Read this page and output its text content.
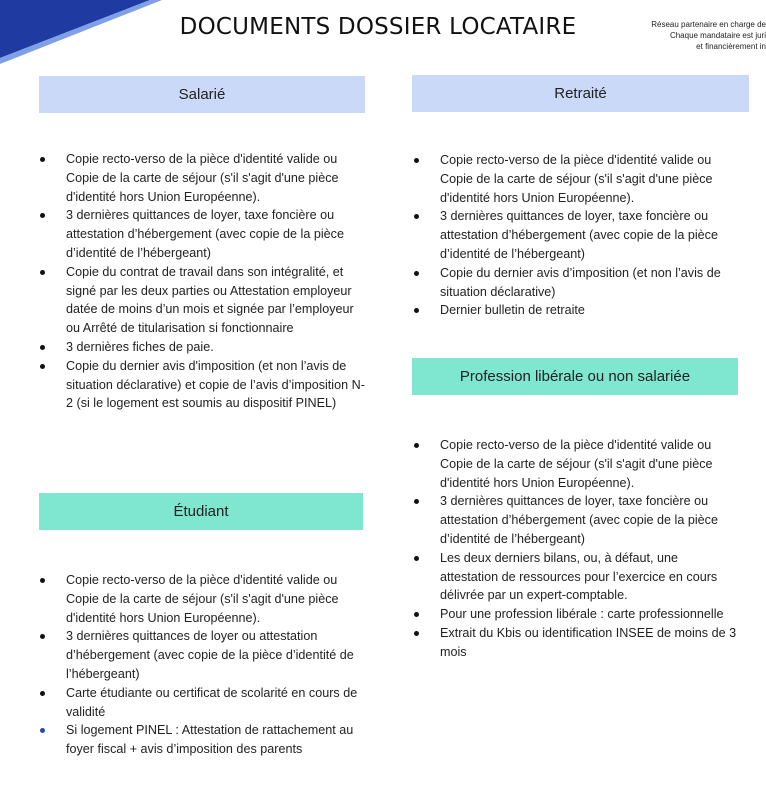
DOCUMENTS DOSSIER LOCATAIRE	Réseau partenaire en charge de
Chaque mandataire est juri
et financièrement in
Salarié
Copie recto-verso de la pièce d'identité valide ou Copie de la carte de séjour (s'il s'agit d'une pièce d'identité hors Union Européenne).
3 dernières quittances de loyer, taxe foncière ou attestation d’hébergement (avec copie de la pièce d’identité de l’hébergeant)
Copie du contrat de travail dans son intégralité, et signé par les deux parties ou Attestation employeur datée de moins d’un mois et signée par l’employeur ou Arrêté de titularisation si fonctionnaire
3 dernières fiches de paie.
Copie du dernier avis d'imposition (et non l’avis de situation déclarative) et copie de l’avis d’imposition N-2 (si le logement est soumis au dispositif PINEL)
Étudiant
Copie recto-verso de la pièce d'identité valide ou Copie de la carte de séjour (s'il s'agit d'une pièce d'identité hors Union Européenne).
3 dernières quittances de loyer ou attestation d’hébergement (avec copie de la pièce d’identité de l’hébergeant)
Carte étudiante ou certificat de scolarité en cours de validité
Si logement PINEL : Attestation de rattachement au foyer fiscal + avis d’imposition des parents
Retraité
Copie recto-verso de la pièce d'identité valide ou Copie de la carte de séjour (s'il s'agit d'une pièce d'identité hors Union Européenne).
3 dernières quittances de loyer, taxe foncière ou attestation d’hébergement (avec copie de la pièce d’identité de l’hébergeant)
Copie du dernier avis d’imposition (et non l’avis de situation déclarative)
Dernier bulletin de retraite
Profession libérale ou non salariée
Copie recto-verso de la pièce d'identité valide ou Copie de la carte de séjour (s'il s'agit d'une pièce d'identité hors Union Européenne).
3 dernières quittances de loyer, taxe foncière ou attestation d’hébergement (avec copie de la pièce d’identité de l’hébergeant)
Les deux derniers bilans, ou, à défaut, une attestation de ressources pour l’exercice en cours délivrée par un expert-comptable.
Pour une profession libérale : carte professionnelle
Extrait du Kbis ou identification INSEE de moins de 3 mois
